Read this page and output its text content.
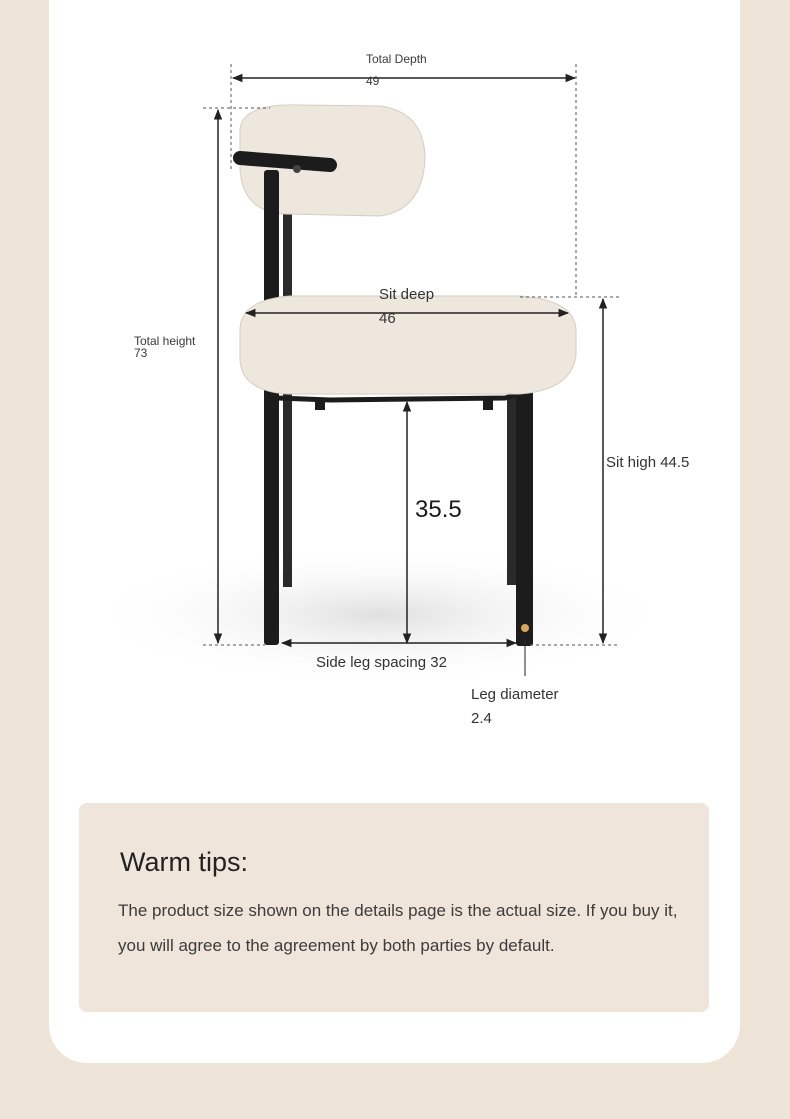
Total Depth
49
Total height
73
Sit deep
46
Sit high 44.5
35.5
Side leg spacing 32
Leg diameter
2.4
Warm tips:

The product size shown on the details page is the actual size. If you buy it, you will agree to the agreement by both parties by default.
